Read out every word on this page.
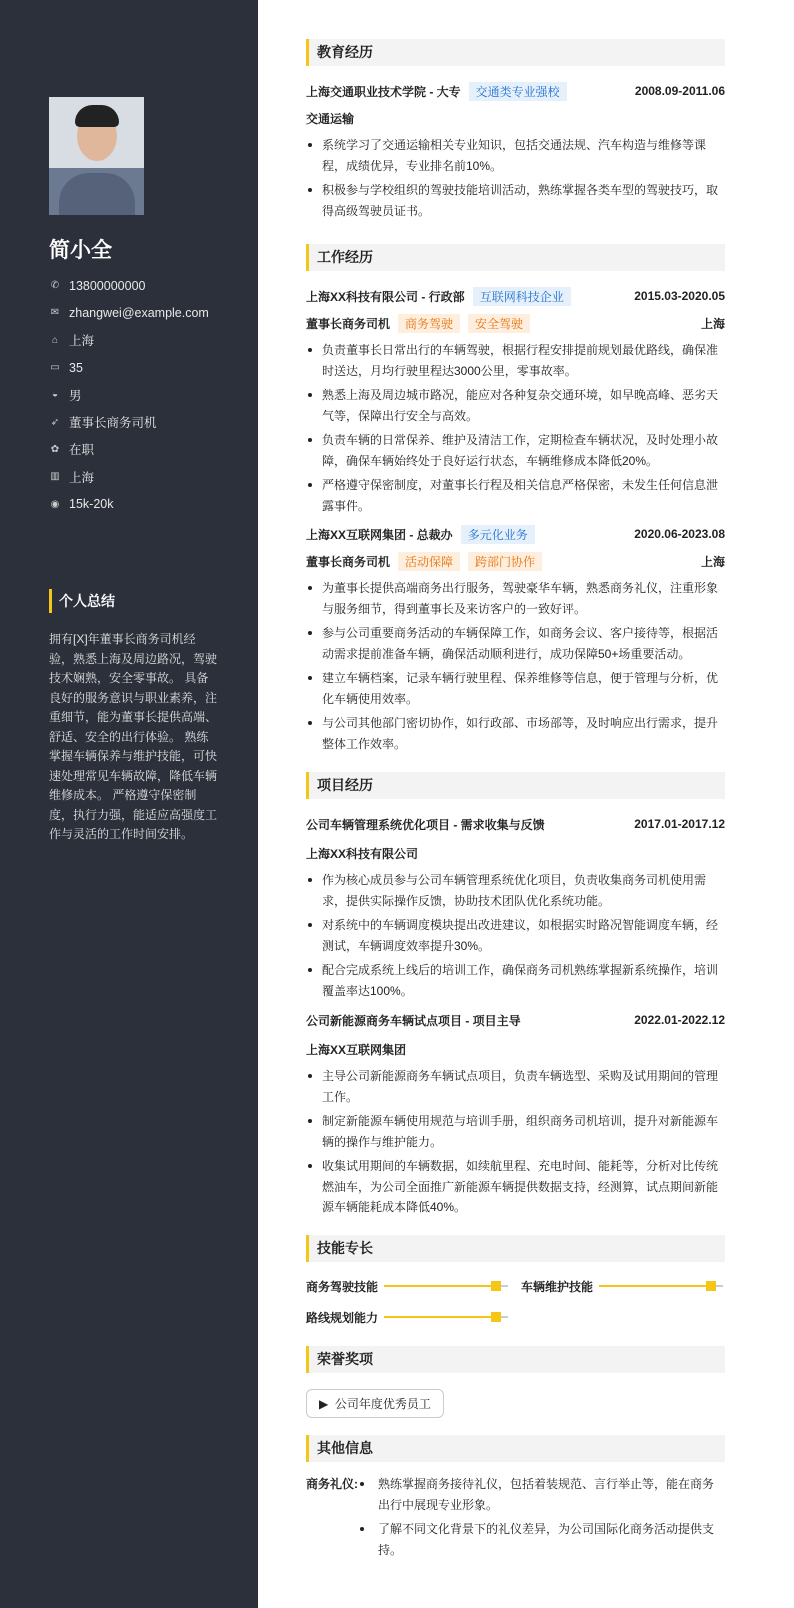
简小全
✆ 13800000000
✉ zhangwei@example.com
⌂ 上海
▭ 35
◒ 男
➶ 董事长商务司机
✿ 在职
▥ 上海
◉ 15k-20k
个人总结
拥有[X]年董事长商务司机经验，熟悉上海及周边路况，驾驶技术娴熟，安全零事故。 具备良好的服务意识与职业素养，注重细节，能为董事长提供高端、舒适、安全的出行体验。 熟练掌握车辆保养与维护技能，可快速处理常见车辆故障，降低车辆维修成本。 严格遵守保密制度，执行力强，能适应高强度工作与灵活的工作时间安排。
教育经历
上海交通职业技术学院 - 大专	交通类专业强校	2008.09-2011.06
交通运输
系统学习了交通运输相关专业知识，包括交通法规、汽车构造与维修等课程，成绩优异，专业排名前10%。
积极参与学校组织的驾驶技能培训活动，熟练掌握各类车型的驾驶技巧，取得高级驾驶员证书。
工作经历
上海XX科技有限公司 - 行政部	互联网科技企业	2015.03-2020.05
董事长商务司机	商务驾驶	安全驾驶	上海
负责董事长日常出行的车辆驾驶，根据行程安排提前规划最优路线，确保准时送达，月均行驶里程达3000公里，零事故率。
熟悉上海及周边城市路况，能应对各种复杂交通环境，如早晚高峰、恶劣天气等，保障出行安全与高效。
负责车辆的日常保养、维护及清洁工作，定期检查车辆状况，及时处理小故障，确保车辆始终处于良好运行状态，车辆维修成本降低20%。
严格遵守保密制度，对董事长行程及相关信息严格保密，未发生任何信息泄露事件。
上海XX互联网集团 - 总裁办	多元化业务	2020.06-2023.08
董事长商务司机	活动保障	跨部门协作	上海
为董事长提供高端商务出行服务，驾驶豪华车辆，熟悉商务礼仪，注重形象与服务细节，得到董事长及来访客户的一致好评。
参与公司重要商务活动的车辆保障工作，如商务会议、客户接待等，根据活动需求提前准备车辆，确保活动顺利进行，成功保障50+场重要活动。
建立车辆档案，记录车辆行驶里程、保养维修等信息，便于管理与分析，优化车辆使用效率。
与公司其他部门密切协作，如行政部、市场部等，及时响应出行需求，提升整体工作效率。
项目经历
公司车辆管理系统优化项目 - 需求收集与反馈	2017.01-2017.12
上海XX科技有限公司
作为核心成员参与公司车辆管理系统优化项目，负责收集商务司机使用需求，提供实际操作反馈，协助技术团队优化系统功能。
对系统中的车辆调度模块提出改进建议，如根据实时路况智能调度车辆，经测试，车辆调度效率提升30%。
配合完成系统上线后的培训工作，确保商务司机熟练掌握新系统操作，培训覆盖率达100%。
公司新能源商务车辆试点项目 - 项目主导	2022.01-2022.12
上海XX互联网集团
主导公司新能源商务车辆试点项目，负责车辆选型、采购及试用期间的管理工作。
制定新能源车辆使用规范与培训手册，组织商务司机培训，提升对新能源车辆的操作与维护能力。
收集试用期间的车辆数据，如续航里程、充电时间、能耗等，分析对比传统燃油车，为公司全面推广新能源车辆提供数据支持，经测算，试点期间新能源车辆能耗成本降低40%。
技能专长
商务驾驶技能	车辆维护技能
路线规划能力
荣誉奖项
▶ 公司年度优秀员工
其他信息
商务礼仪:	熟练掌握商务接待礼仪，包括着装规范、言行举止等，能在商务出行中展现专业形象。
了解不同文化背景下的礼仪差异，为公司国际化商务活动提供支持。
